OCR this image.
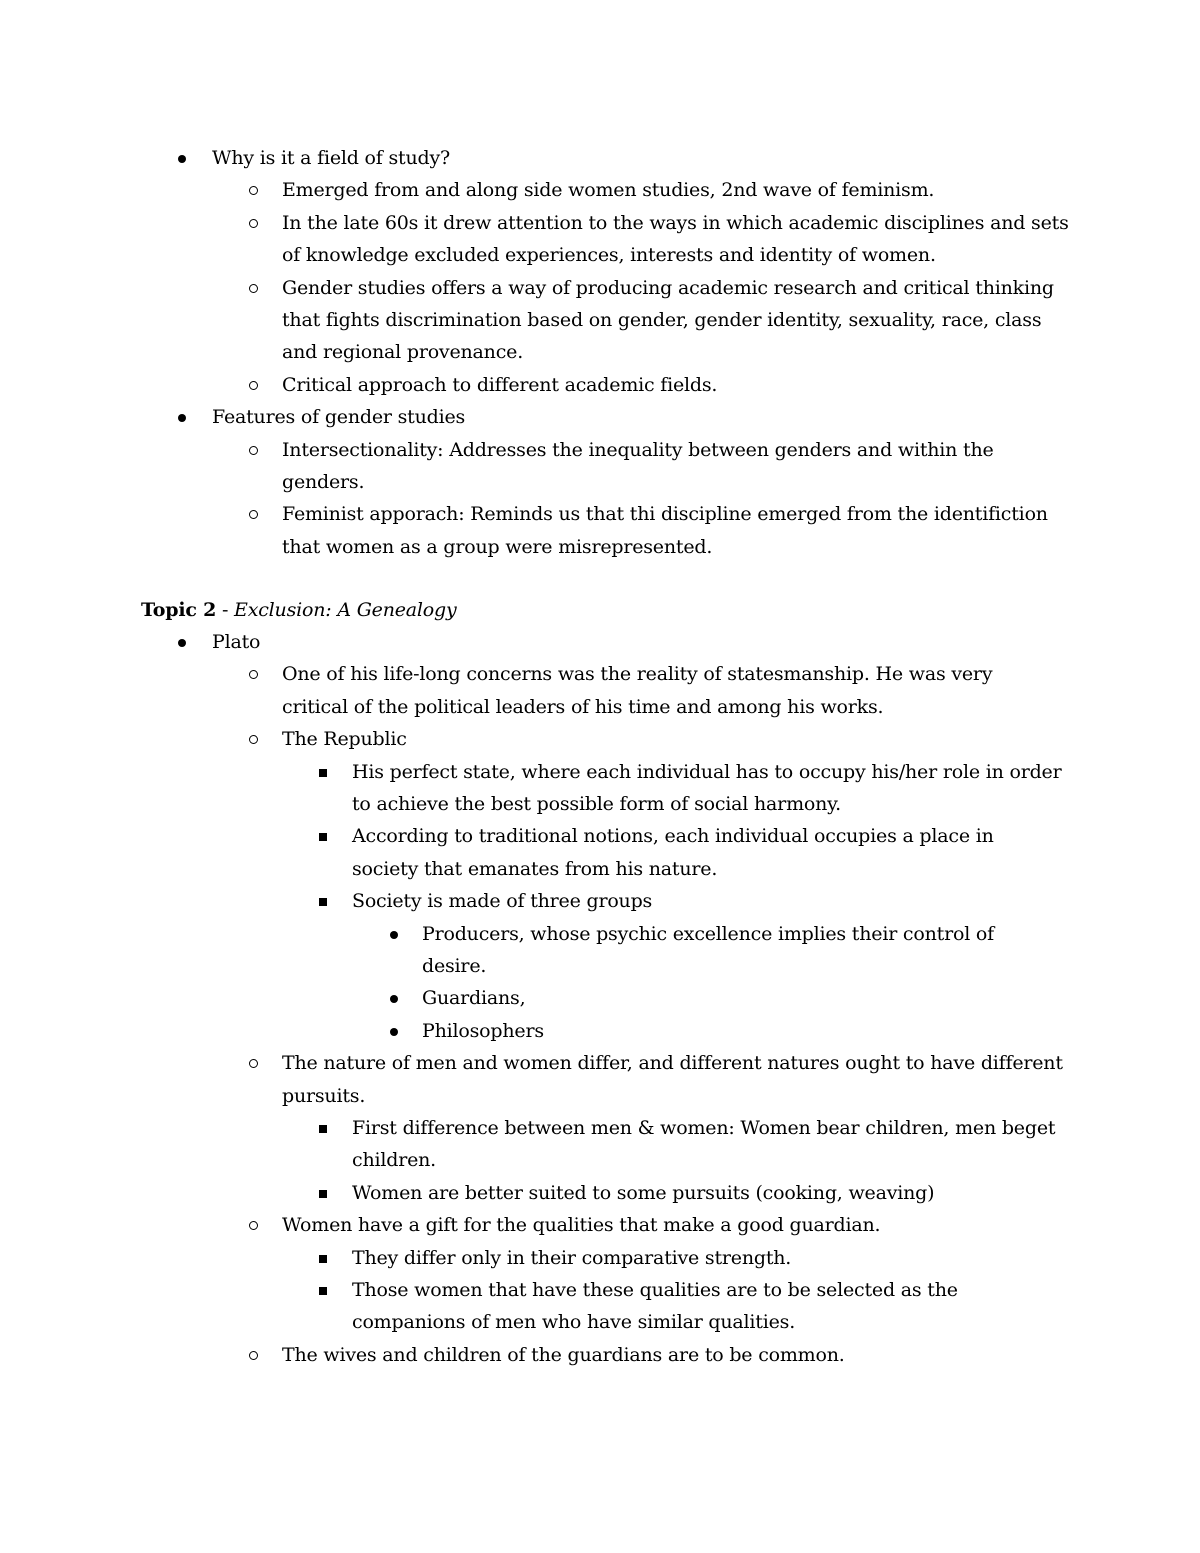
Why is it a field of study?
Emerged from and along side women studies, 2nd wave of feminism.
In the late 60s it drew attention to the ways in which academic disciplines and sets
of knowledge excluded experiences, interests and identity of women.
Gender studies offers a way of producing academic research and critical thinking
that fights discrimination based on gender, gender identity, sexuality, race, class
and regional provenance.
Critical approach to different academic fields.
Features of gender studies
Intersectionality: Addresses the inequality between genders and within the
genders.
Feminist apporach: Reminds us that thi discipline emerged from the identifiction
that women as a group were misrepresented.
Topic 2 - Exclusion: A Genealogy
Plato
One of his life-long concerns was the reality of statesmanship. He was very
critical of the political leaders of his time and among his works.
The Republic
His perfect state, where each individual has to occupy his/her role in order
to achieve the best possible form of social harmony.
According to traditional notions, each individual occupies a place in
society that emanates from his nature.
Society is made of three groups
Producers, whose psychic excellence implies their control of
desire.
Guardians,
Philosophers
The nature of men and women differ, and different natures ought to have different
pursuits.
First difference between men & women: Women bear children, men beget
children.
Women are better suited to some pursuits (cooking, weaving)
Women have a gift for the qualities that make a good guardian.
They differ only in their comparative strength.
Those women that have these qualities are to be selected as the
companions of men who have similar qualities.
The wives and children of the guardians are to be common.
